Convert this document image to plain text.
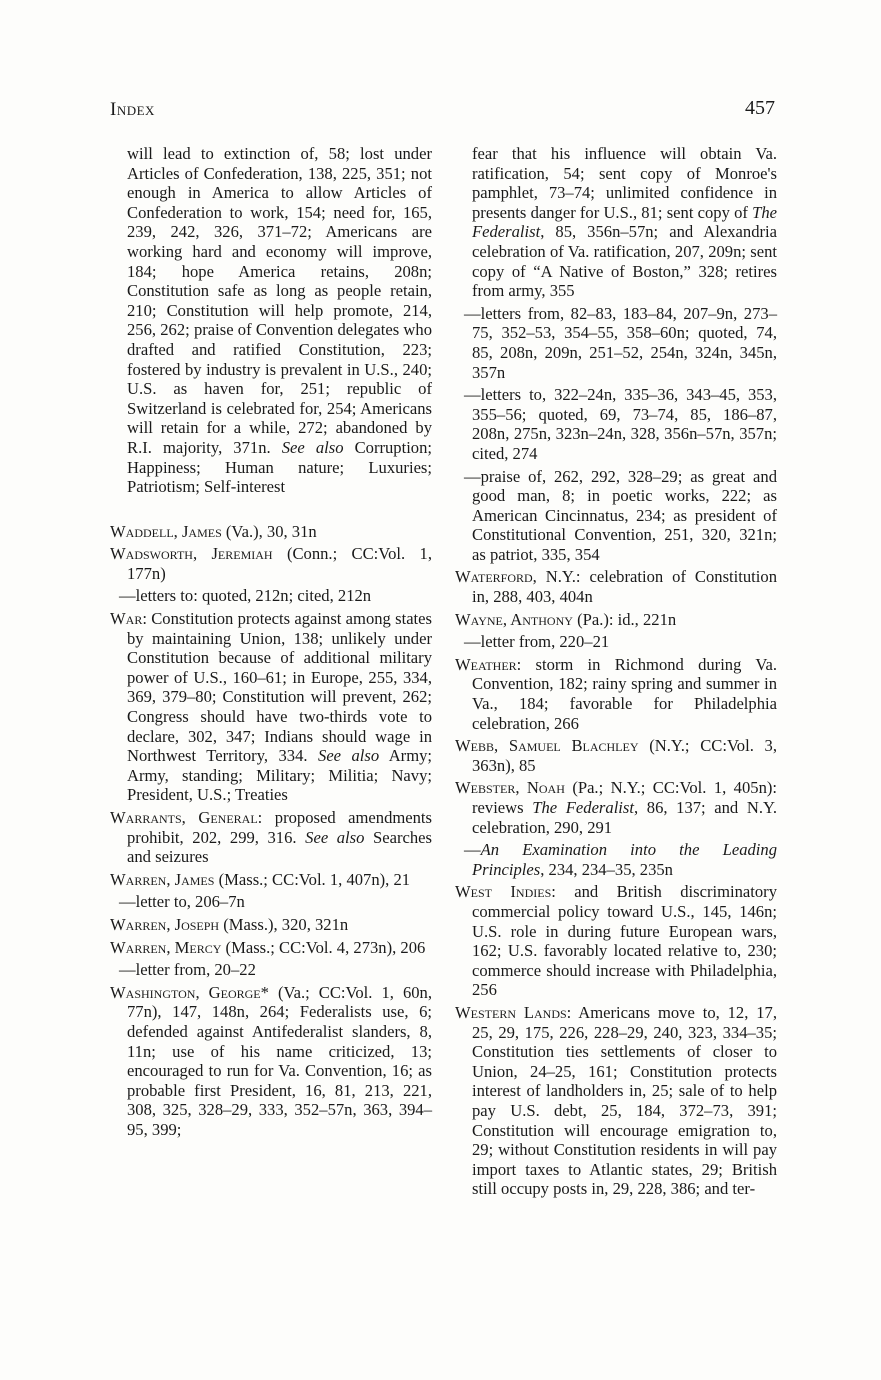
Index	457

will lead to extinction of, 58; lost under Articles of Confederation, 138, 225, 351; not enough in America to allow Articles of Confederation to work, 154; need for, 165, 239, 242, 326, 371–72; Americans are working hard and economy will improve, 184; hope America retains, 208n; Constitution safe as long as people retain, 210; Constitution will help promote, 214, 256, 262; praise of Convention delegates who drafted and ratified Constitution, 223; fostered by industry is prevalent in U.S., 240; U.S. as haven for, 251; republic of Switzerland is celebrated for, 254; Americans will retain for a while, 272; abandoned by R.I. majority, 371n. See also Corruption; Happiness; Human nature; Luxuries; Patriotism; Self-interest

Waddell, James (Va.), 30, 31n

Wadsworth, Jeremiah (Conn.; CC:Vol. 1, 177n)

—letters to: quoted, 212n; cited, 212n

War: Constitution protects against among states by maintaining Union, 138; unlikely under Constitution because of additional military power of U.S., 160–61; in Europe, 255, 334, 369, 379–80; Constitution will prevent, 262; Congress should have two-thirds vote to declare, 302, 347; Indians should wage in Northwest Territory, 334. See also Army; Army, standing; Military; Militia; Navy; President, U.S.; Treaties

Warrants, General: proposed amendments prohibit, 202, 299, 316. See also Searches and seizures

Warren, James (Mass.; CC:Vol. 1, 407n), 21

—letter to, 206–7n

Warren, Joseph (Mass.), 320, 321n

Warren, Mercy (Mass.; CC:Vol. 4, 273n), 206

—letter from, 20–22

Washington, George* (Va.; CC:Vol. 1, 60n, 77n), 147, 148n, 264; Federalists use, 6; defended against Antifederalist slanders, 8, 11n; use of his name criticized, 13; encouraged to run for Va. Convention, 16; as probable first President, 16, 81, 213, 221, 308, 325, 328–29, 333, 352–57n, 363, 394–95, 399;

fear that his influence will obtain Va. ratification, 54; sent copy of Monroe's pamphlet, 73–74; unlimited confidence in presents danger for U.S., 81; sent copy of The Federalist, 85, 356n–57n; and Alexandria celebration of Va. ratification, 207, 209n; sent copy of “A Native of Boston,” 328; retires from army, 355

—letters from, 82–83, 183–84, 207–9n, 273–75, 352–53, 354–55, 358–60n; quoted, 74, 85, 208n, 209n, 251–52, 254n, 324n, 345n, 357n

—letters to, 322–24n, 335–36, 343–45, 353, 355–56; quoted, 69, 73–74, 85, 186–87, 208n, 275n, 323n–24n, 328, 356n–57n, 357n; cited, 274

—praise of, 262, 292, 328–29; as great and good man, 8; in poetic works, 222; as American Cincinnatus, 234; as president of Constitutional Convention, 251, 320, 321n; as patriot, 335, 354

Waterford, N.Y.: celebration of Constitution in, 288, 403, 404n

Wayne, Anthony (Pa.): id., 221n

—letter from, 220–21

Weather: storm in Richmond during Va. Convention, 182; rainy spring and summer in Va., 184; favorable for Philadelphia celebration, 266

Webb, Samuel Blachley (N.Y.; CC:Vol. 3, 363n), 85

Webster, Noah (Pa.; N.Y.; CC:Vol. 1, 405n): reviews The Federalist, 86, 137; and N.Y. celebration, 290, 291

—An Examination into the Leading Principles, 234, 234–35, 235n

West Indies: and British discriminatory commercial policy toward U.S., 145, 146n; U.S. role in during future European wars, 162; U.S. favorably located relative to, 230; commerce should increase with Philadelphia, 256

Western Lands: Americans move to, 12, 17, 25, 29, 175, 226, 228–29, 240, 323, 334–35; Constitution ties settlements of closer to Union, 24–25, 161; Constitution protects interest of landholders in, 25; sale of to help pay U.S. debt, 25, 184, 372–73, 391; Constitution will encourage emigration to, 29; without Constitution residents in will pay import taxes to Atlantic states, 29; British still occupy posts in, 29, 228, 386; and ter-
